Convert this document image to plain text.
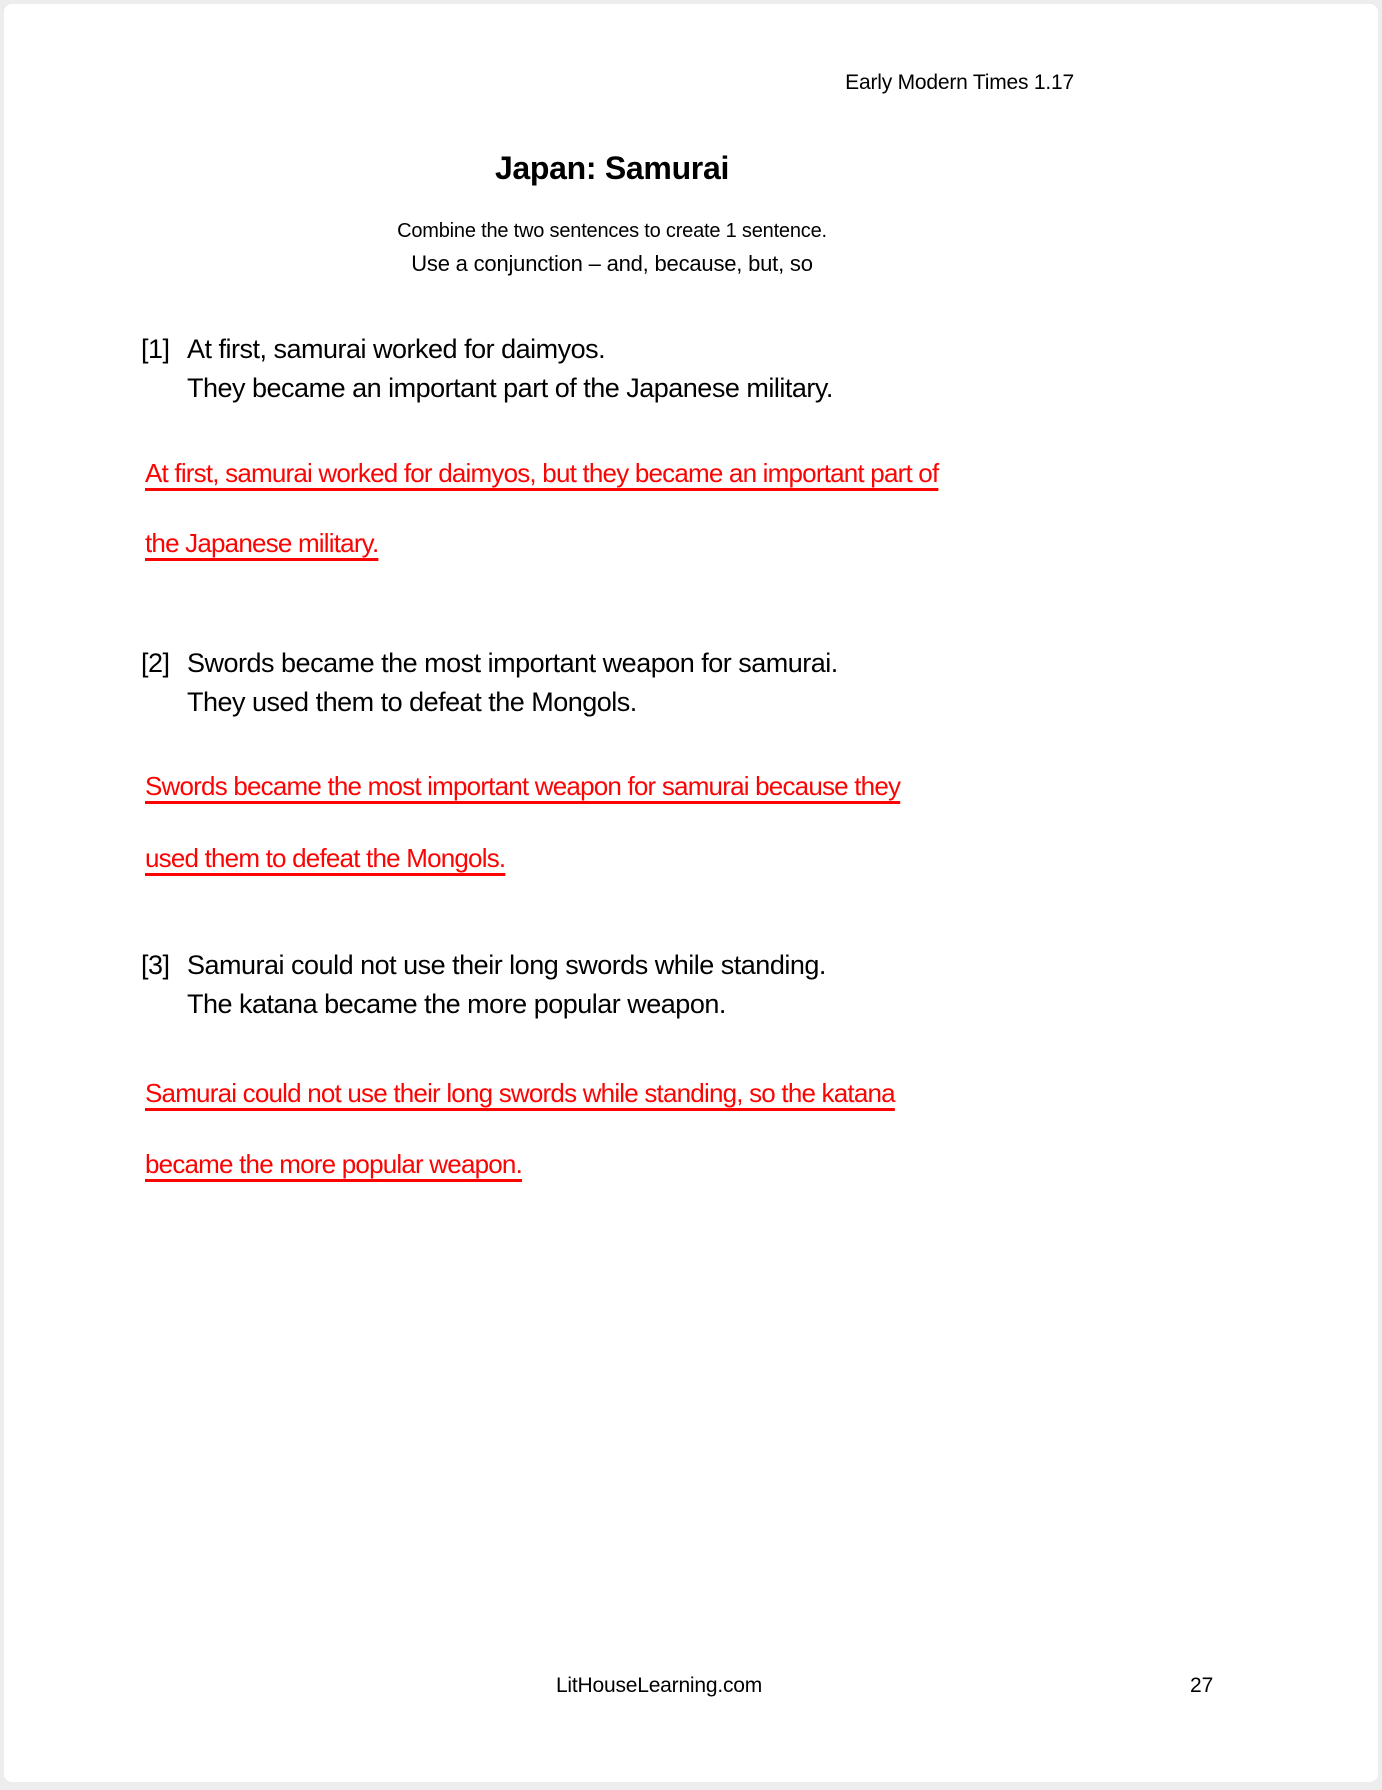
Early Modern Times 1.17
Japan: Samurai
Combine the two sentences to create 1 sentence.
Use a conjunction – and, because, but, so
[1] At first, samurai worked for daimyos.
They became an important part of the Japanese military.
At first, samurai worked for daimyos, but they became an important part of
the Japanese military.
[2] Swords became the most important weapon for samurai.
They used them to defeat the Mongols.
Swords became the most important weapon for samurai because they
used them to defeat the Mongols.
[3] Samurai could not use their long swords while standing.
The katana became the more popular weapon.
Samurai could not use their long swords while standing, so the katana
became the more popular weapon.
LitHouseLearning.com	27
